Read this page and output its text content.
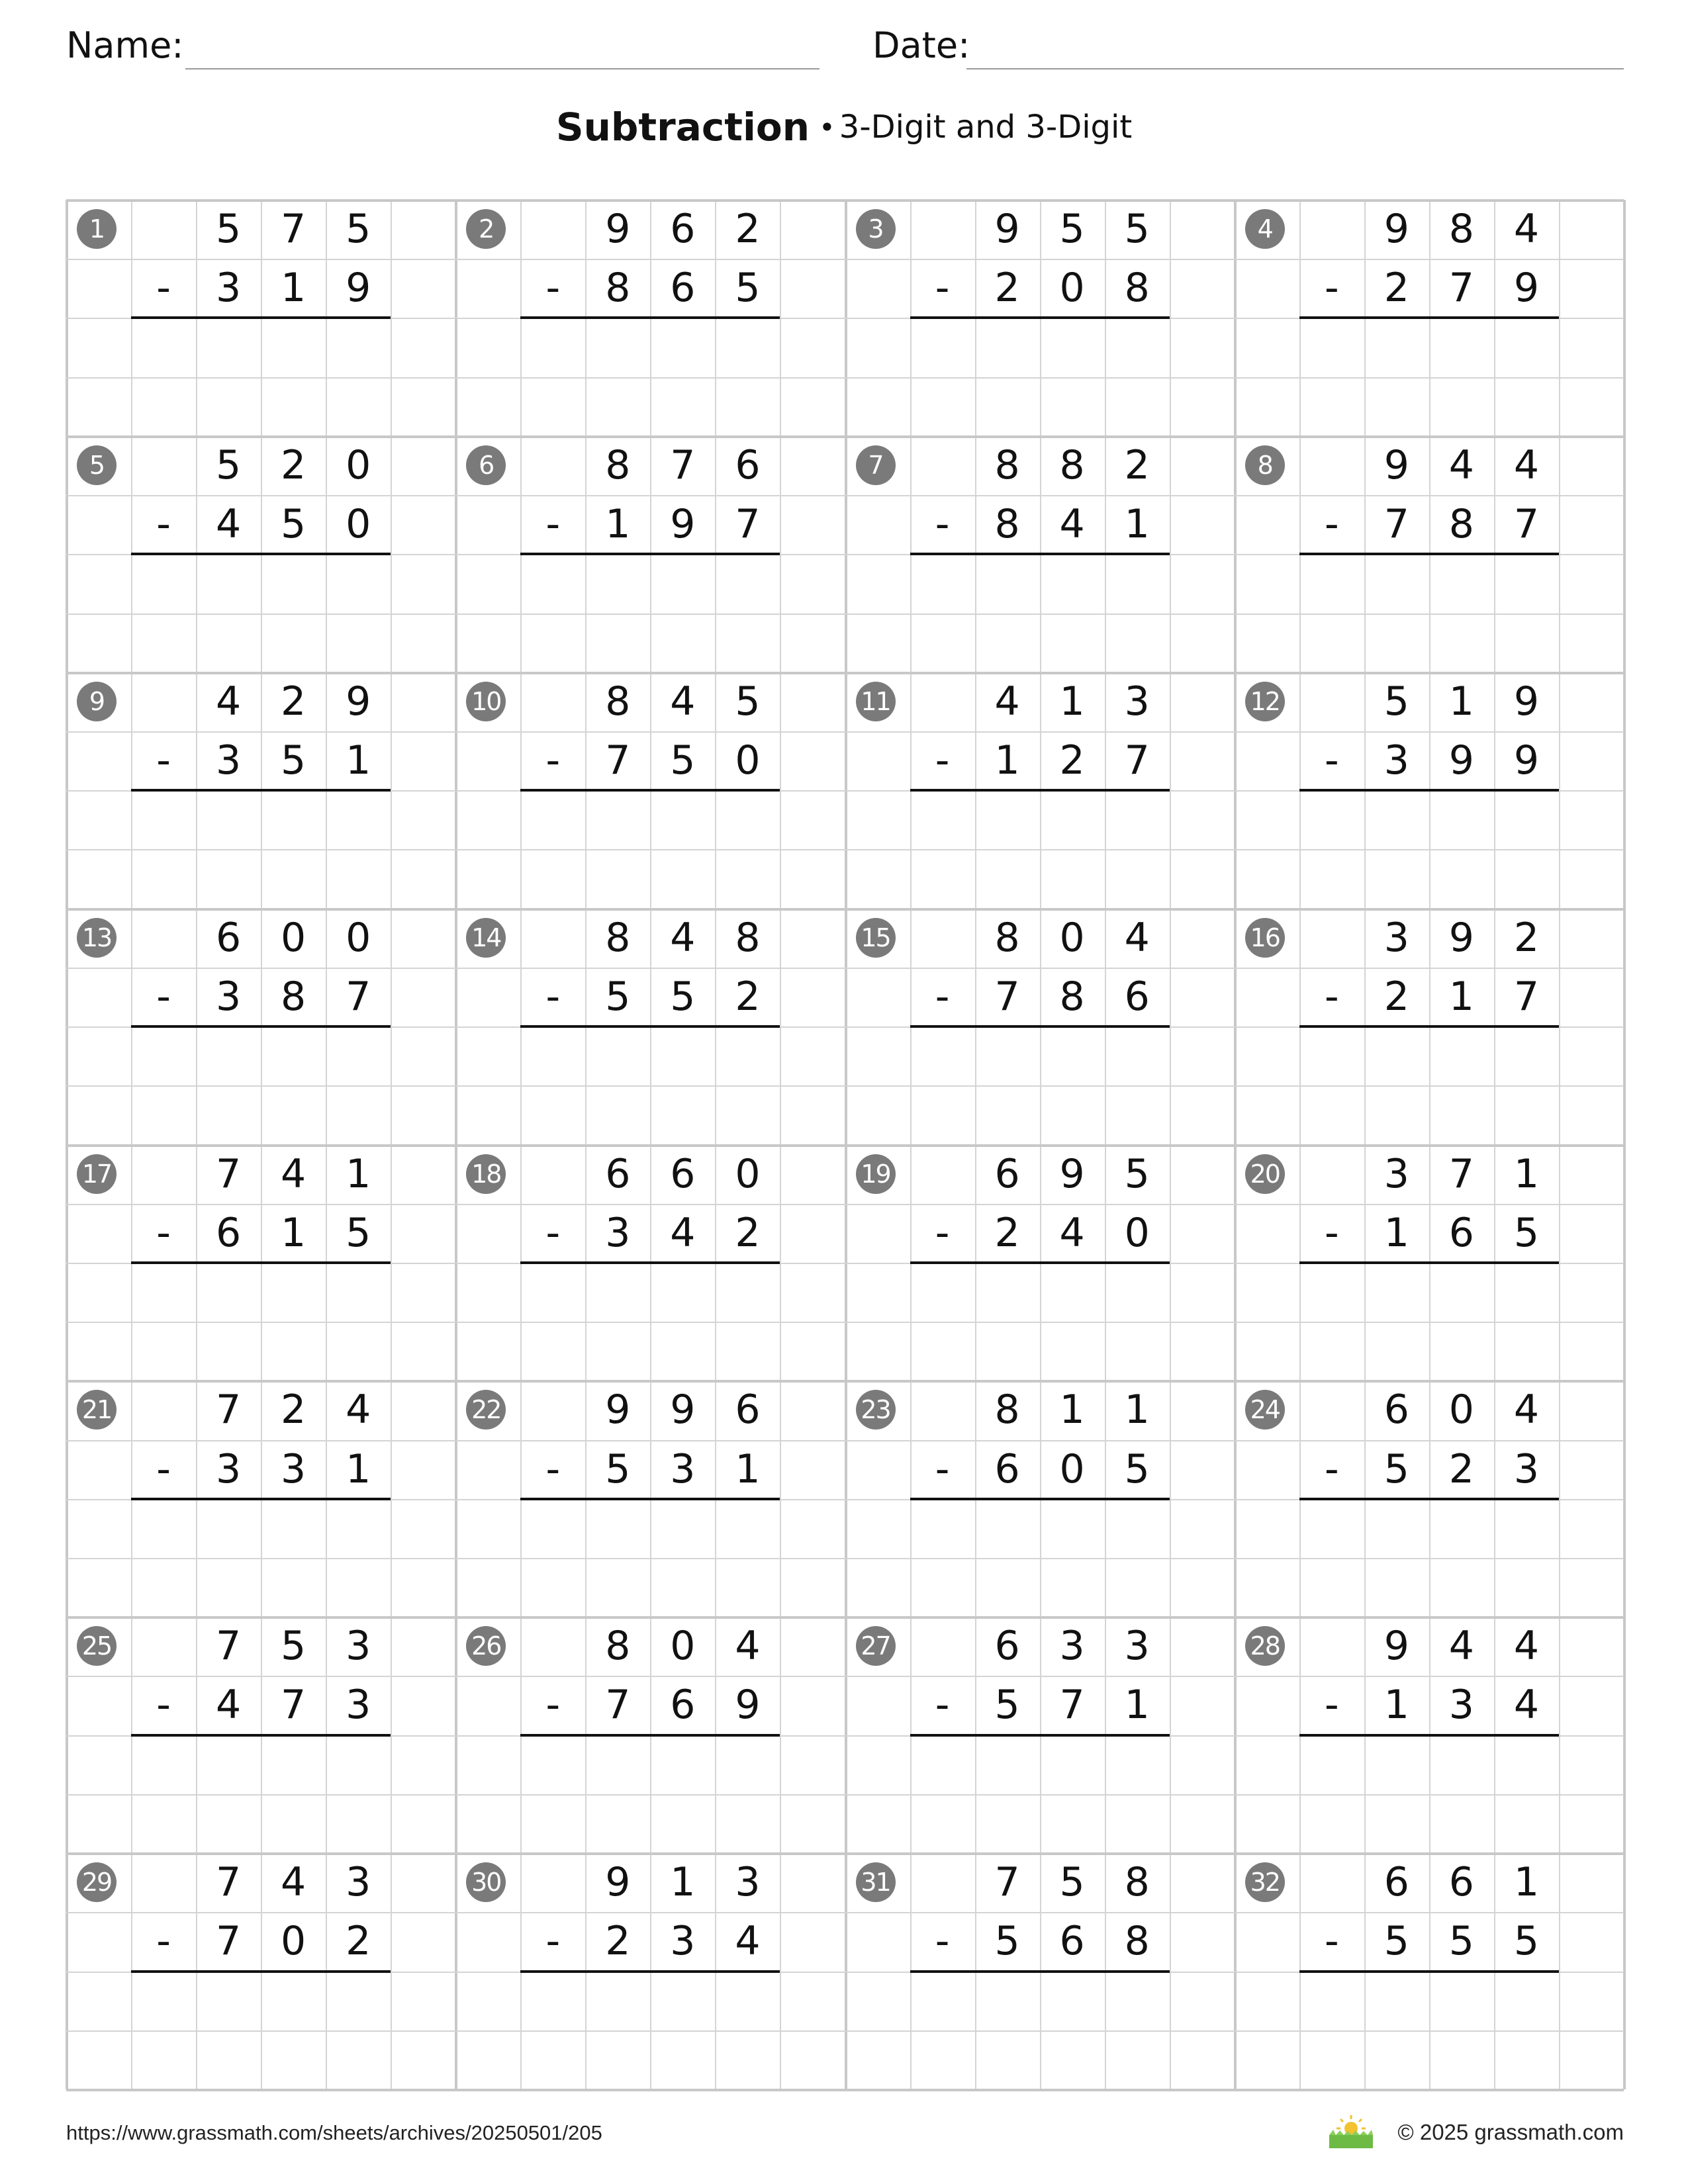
Name:	Date:
Subtraction • 3-Digit and 3-Digit
1	5 7 5
-	3 1 9
2	9 6 2
-	8 6 5
3	9 5 5
-	2 0 8
4	9 8 4
-	2 7 9
5	5 2 0
-	4 5 0
6	8 7 6
-	1 9 7
7	8 8 2
-	8 4 1
8	9 4 4
-	7 8 7
9	4 2 9
-	3 5 1
10	8 4 5
-	7 5 0
11	4 1 3
-	1 2 7
12	5 1 9
-	3 9 9
13	6 0 0
-	3 8 7
14	8 4 8
-	5 5 2
15	8 0 4
-	7 8 6
16	3 9 2
-	2 1 7
17	7 4 1
-	6 1 5
18	6 6 0
-	3 4 2
19	6 9 5
-	2 4 0
20	3 7 1
-	1 6 5
21	7 2 4
-	3 3 1
22	9 9 6
-	5 3 1
23	8 1 1
-	6 0 5
24	6 0 4
-	5 2 3
25	7 5 3
-	4 7 3
26	8 0 4
-	7 6 9
27	6 3 3
-	5 7 1
28	9 4 4
-	1 3 4
29	7 4 3
-	7 0 2
30	9 1 3
-	2 3 4
31	7 5 8
-	5 6 8
32	6 6 1
-	5 5 5
https://www.grassmath.com/sheets/archives/20250501/205	© 2025 grassmath.com
